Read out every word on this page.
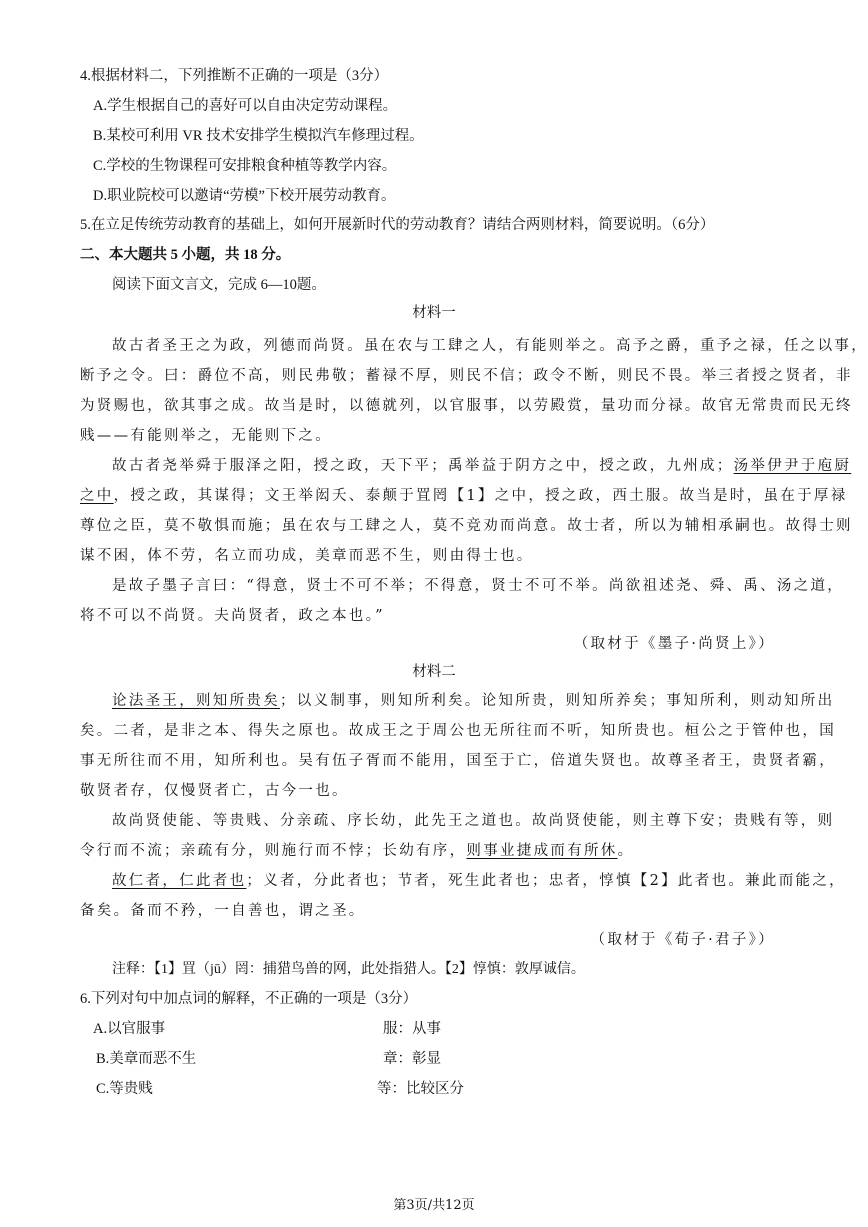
4.根据材料二，下列推断不正确的一项是（3分）
A.学生根据自己的喜好可以自由决定劳动课程。
B.某校可利用 VR 技术安排学生模拟汽车修理过程。
C.学校的生物课程可安排粮食种植等教学内容。
D.职业院校可以邀请“劳模”下校开展劳动教育。
5.在立足传统劳动教育的基础上，如何开展新时代的劳动教育？请结合两则材料，简要说明。（6分）
二、本大题共 5 小题，共 18 分。
阅读下面文言文，完成 6—10题。
材料一
故古者圣王之为政，列德而尚贤。虽在农与工肆之人，有能则举之。高予之爵，重予之禄，任之以事，
断予之令。曰：爵位不高，则民弗敬；蓄禄不厚，则民不信；政令不断，则民不畏。举三者授之贤者，非
为贤赐也，欲其事之成。故当是时，以德就列，以官服事，以劳殿赏，量功而分禄。故官无常贵而民无终
贱——有能则举之，无能则下之。
故古者尧举舜于服泽之阳，授之政，天下平；禹举益于阴方之中，授之政，九州成；汤举伊尹于庖厨
之中，授之政，其谋得；文王举闳夭、泰颠于罝罔【1】之中，授之政，西土服。故当是时，虽在于厚禄
尊位之臣，莫不敬惧而施；虽在农与工肆之人，莫不竞劝而尚意。故士者，所以为辅相承嗣也。故得士则
谋不困，体不劳，名立而功成，美章而恶不生，则由得士也。
是故子墨子言曰：“得意，贤士不可不举；不得意，贤士不可不举。尚欲祖述尧、舜、禹、汤之道，
将不可以不尚贤。夫尚贤者，政之本也。”
（取材于《墨子·尚贤上》）
材料二
论法圣王，则知所贵矣；以义制事，则知所利矣。论知所贵，则知所养矣；事知所利，则动知所出
矣。二者，是非之本、得失之原也。故成王之于周公也无所往而不听，知所贵也。桓公之于管仲也，国
事无所往而不用，知所利也。吴有伍子胥而不能用，国至于亡，倍道失贤也。故尊圣者王，贵贤者霸，
敬贤者存，仅慢贤者亡，古今一也。
故尚贤使能、等贵贱、分亲疏、序长幼，此先王之道也。故尚贤使能，则主尊下安；贵贱有等，则
令行而不流；亲疏有分，则施行而不悖；长幼有序，则事业捷成而有所休。
故仁者，仁此者也；义者，分此者也；节者，死生此者也；忠者，惇慎【2】此者也。兼此而能之，
备矣。备而不矜，一自善也，谓之圣。
（取材于《荀子·君子》）
注释：【1】罝（jū）罔：捕猎鸟兽的网，此处指猎人。【2】惇慎：敦厚诚信。
6.下列对句中加点词的解释，不正确的一项是（3分）
A.以官服事	服：从事
B.美章而恶不生	章：彰显
C.等贵贱	等：比较区分
第3页/共12页
